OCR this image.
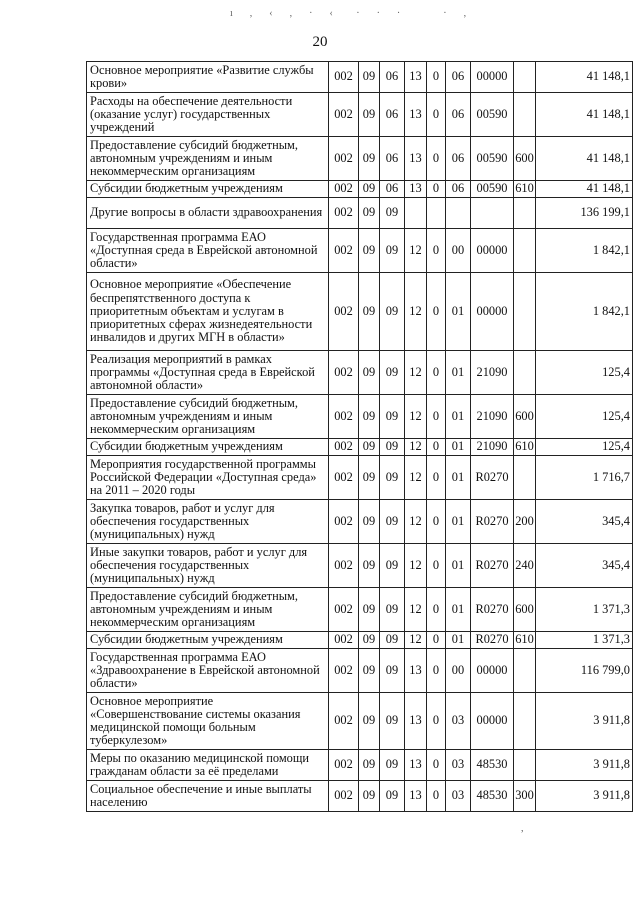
ı  ,  ‹  ,  ·  ‹   ·  ·  ·      ·  ,
20
Основное мероприятие «Развитие службы крови»	002	09	06	13	0	06	00000		41 148,1
Расходы на обеспечение деятельности (оказание услуг) государственных учреждений	002	09	06	13	0	06	00590		41 148,1
Предоставление субсидий бюджетным, автономным учреждениям и иным некоммерческим организациям	002	09	06	13	0	06	00590	600	41 148,1
Субсидии бюджетным учреждениям	002	09	06	13	0	06	00590	610	41 148,1
Другие вопросы в области здравоохранения	002	09	09						136 199,1
Государственная программа ЕАО «Доступная среда в Еврейской автономной области»	002	09	09	12	0	00	00000		1 842,1
Основное мероприятие «Обеспечение беспрепятственного доступа к приоритетным объектам и услугам в приоритетных сферах жизнедеятельности инвалидов и других МГН в области»	002	09	09	12	0	01	00000		1 842,1
Реализация мероприятий в рамках программы «Доступная среда в Еврейской автономной области»	002	09	09	12	0	01	21090		125,4
Предоставление субсидий бюджетным, автономным учреждениям и иным некоммерческим организациям	002	09	09	12	0	01	21090	600	125,4
Субсидии бюджетным учреждениям	002	09	09	12	0	01	21090	610	125,4
Мероприятия государственной программы Российской Федерации «Доступная среда» на 2011 – 2020 годы	002	09	09	12	0	01	R0270		1 716,7
Закупка товаров, работ и услуг для обеспечения государственных (муниципальных) нужд	002	09	09	12	0	01	R0270	200	345,4
Иные закупки товаров, работ и услуг для обеспечения государственных (муниципальных) нужд	002	09	09	12	0	01	R0270	240	345,4
Предоставление субсидий бюджетным, автономным учреждениям и иным некоммерческим организациям	002	09	09	12	0	01	R0270	600	1 371,3
Субсидии бюджетным учреждениям	002	09	09	12	0	01	R0270	610	1 371,3
Государственная программа ЕАО «Здравоохранение в Еврейской автономной области»	002	09	09	13	0	00	00000		116 799,0
Основное мероприятие «Совершенствование системы оказания медицинской помощи больным туберкулезом»	002	09	09	13	0	03	00000		3 911,8
Меры по оказанию медицинской помощи гражданам области за её пределами	002	09	09	13	0	03	48530		3 911,8
Социальное обеспечение и иные выплаты населению	002	09	09	13	0	03	48530	300	3 911,8
,
